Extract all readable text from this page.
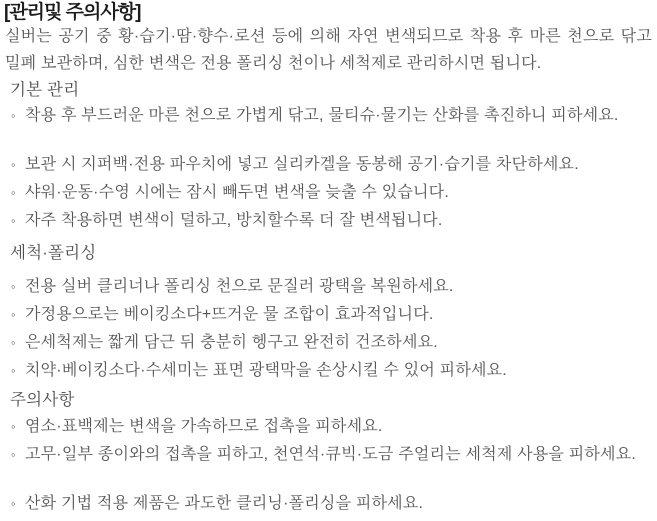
[관리및 주의사항]
실버는 공기 중 황·습기·땀·향수·로션 등에 의해 자연 변색되므로 착용 후 마른 천으로 닦고
밀폐 보관하며, 심한 변색은 전용 폴리싱 천이나 세척제로 관리하시면 됩니다.
기본 관리
◦ 착용 후 부드러운 마른 천으로 가볍게 닦고, 물티슈·물기는 산화를 촉진하니 피하세요.
◦ 보관 시 지퍼백·전용 파우치에 넣고 실리카겔을 동봉해 공기·습기를 차단하세요.
◦ 샤워·운동·수영 시에는 잠시 빼두면 변색을 늦출 수 있습니다.
◦ 자주 착용하면 변색이 덜하고, 방치할수록 더 잘 변색됩니다.
세척·폴리싱
◦ 전용 실버 클리너나 폴리싱 천으로 문질러 광택을 복원하세요.
◦ 가정용으로는 베이킹소다+뜨거운 물 조합이 효과적입니다.
◦ 은세척제는 짧게 담근 뒤 충분히 헹구고 완전히 건조하세요.
◦ 치약·베이킹소다·수세미는 표면 광택막을 손상시킬 수 있어 피하세요.
주의사항
◦ 염소·표백제는 변색을 가속하므로 접촉을 피하세요.
◦ 고무·일부 종이와의 접촉을 피하고, 천연석·큐빅·도금 주얼리는 세척제 사용을 피하세요.
◦ 산화 기법 적용 제품은 과도한 클리닝·폴리싱을 피하세요.
